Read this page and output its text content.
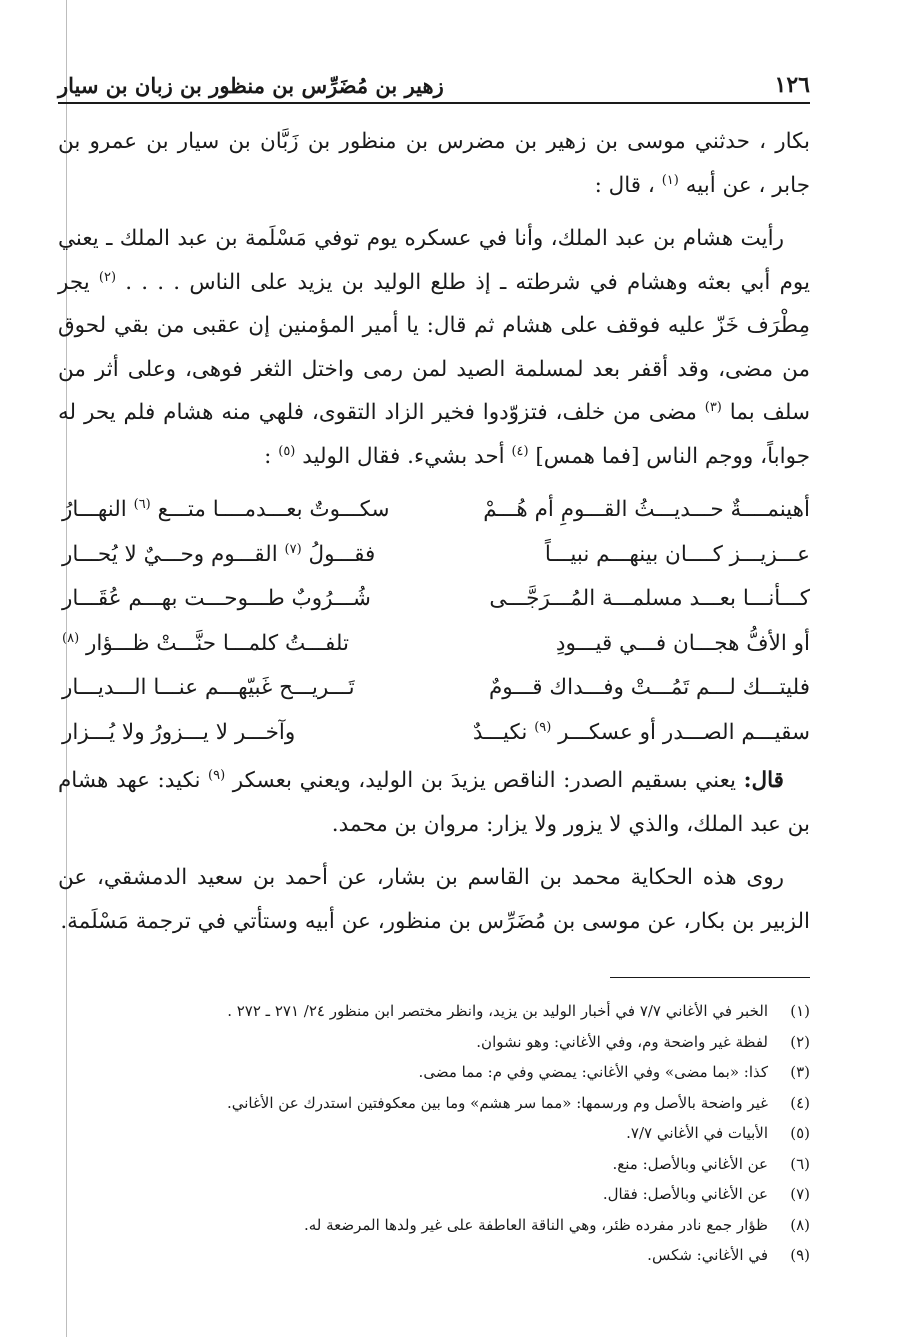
١٢٦
زهير بن مُضَرِّس بن منظور بن زبان بن سيار

بكار ، حدثني موسى بن زهير بن مضرس بن منظور بن زَبَّان بن سيار بن عمرو بن جابر ، عن أبيه $^{(١)}$ ، قال :

رأيت هشام بن عبد الملك، وأنا في عسكره يوم توفي مَسْلَمة بن عبد الملك ـ يعني يوم أبي بعثه وهشام في شرطته ـ إذ طلع الوليد بن يزيد على الناس . . . . $^{(٢)}$ يجر مِطْرَف خَزّ عليه فوقف على هشام ثم قال: يا أمير المؤمنين إن عقبى من بقي لحوق من مضى، وقد أقفر بعد لمسلمة الصيد لمن رمى واختل الثغر فوهى، وعلى أثر من سلف بما $^{(٣)}$ مضى من خلف، فتزوّدوا فخير الزاد التقوى، فلهي منه هشام فلم يحر له جواباً، ووجم الناس [فما همس] $^{(٤)}$ أحد بشيء. فقال الوليد $^{(٥)}$ :

أهينمــــةٌ حـــديـــثُ القـــومِ أم هُـــمْ
سكـــوتٌ بعـــدمــــا متـــع $^{(٦)}$ النهـــارُ
عـــزيـــز كــــان بينهـــم نبيـــاً
فقـــولُ $^{(٧)}$ القـــوم وحـــيٌ لا يُحـــار
كـــأنـــا بعـــد مسلمـــة المُـــرَجَّـــى
شُـــرُوبٌ طـــوحـــت بهـــم عُقَـــار
أو الأفُّ هجـــان فـــي قيـــودِ
تلفـــتُ كلمـــا حنَّـــتْ ظـــؤار $^{(٨)}$
فليتـــك لـــم تَمُـــتْ وفـــداك قـــومٌ
تَـــريـــح غَبيّهـــم عنـــا الـــديـــار
سقيـــم الصـــدر أو عسكـــر $^{(٩)}$ نكيـــدٌ
وآخـــر لا يـــزورُ ولا يُـــزار

قال: يعني بسقيم الصدر: الناقص يزيدَ بن الوليد، ويعني بعسكر $^{(٩)}$ نكيد: عهد هشام بن عبد الملك، والذي لا يزور ولا يزار: مروان بن محمد.

روى هذه الحكاية محمد بن القاسم بن بشار، عن أحمد بن سعيد الدمشقي، عن الزبير بن بكار، عن موسى بن مُضَرِّس بن منظور، عن أبيه وستأتي في ترجمة مَسْلَمة.

(١)
الخبر في الأغاني ٧/٧ في أخبار الوليد بن يزيد، وانظر مختصر ابن منظور ٢٤/ ٢٧١ ـ ٢٧٢ .
(٢)
لفظة غير واضحة وم، وفي الأغاني: وهو نشوان.
(٣)
كذا: «بما مضى» وفي الأغاني: يمضي وفي م: مما مضى.
(٤)
غير واضحة بالأصل وم ورسمها: «مما سر هشم» وما بين معكوفتين استدرك عن الأغاني.
(٥)
الأبيات في الأغاني ٧/٧.
(٦)
عن الأغاني وبالأصل: منع.
(٧)
عن الأغاني وبالأصل: فقال.
(٨)
ظؤار جمع نادر مفرده ظئر، وهي الناقة العاطفة على غير ولدها المرضعة له.
(٩)
في الأغاني: شكس.
